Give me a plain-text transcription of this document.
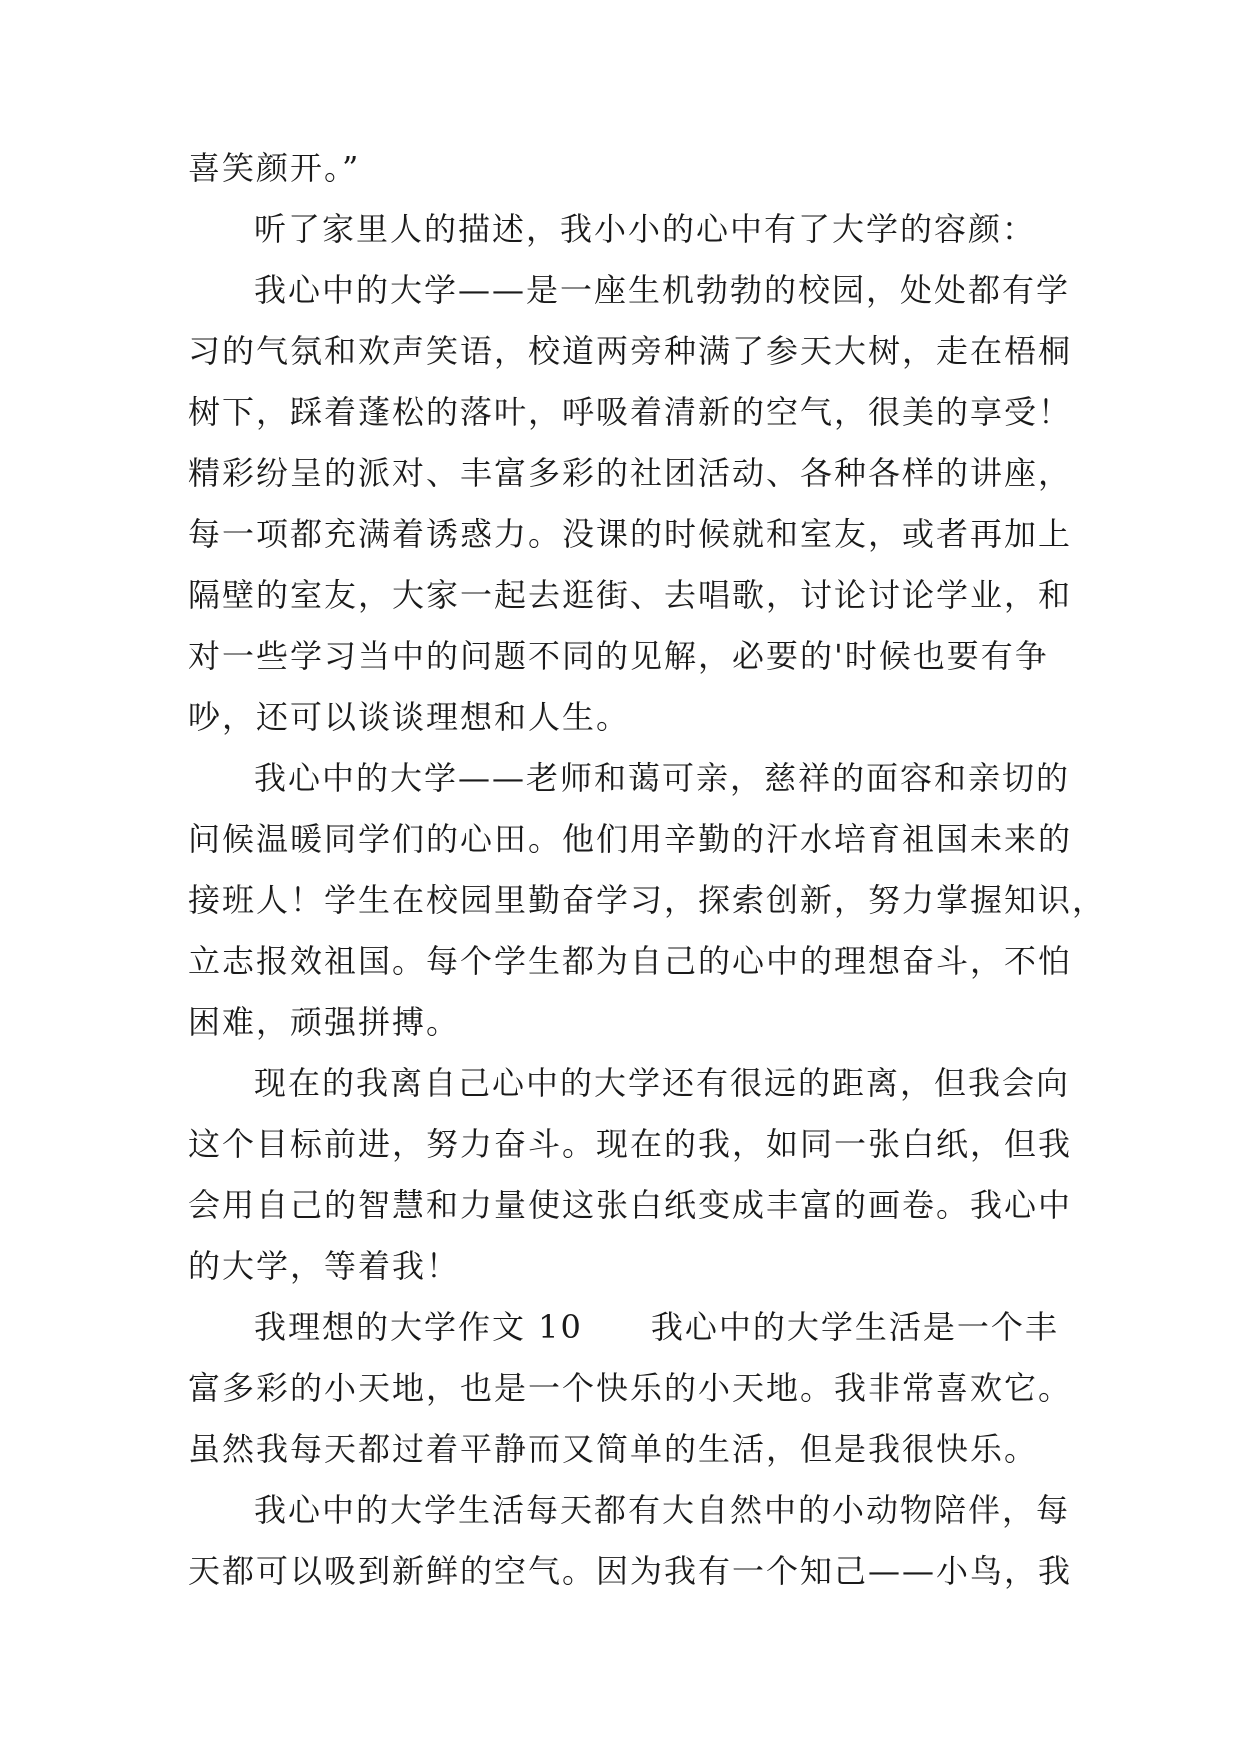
喜笑颜开。”
听了家里人的描述，我小小的心中有了大学的容颜：
我心中的大学——是一座生机勃勃的校园，处处都有学
习的气氛和欢声笑语，校道两旁种满了参天大树，走在梧桐
树下，踩着蓬松的落叶，呼吸着清新的空气，很美的享受！
精彩纷呈的派对、丰富多彩的社团活动、各种各样的讲座，
每一项都充满着诱惑力。没课的时候就和室友，或者再加上
隔壁的室友，大家一起去逛街、去唱歌，讨论讨论学业，和
对一些学习当中的问题不同的见解，必要的'时候也要有争
吵，还可以谈谈理想和人生。
我心中的大学——老师和蔼可亲，慈祥的面容和亲切的
问候温暖同学们的心田。他们用辛勤的汗水培育祖国未来的
接班人！学生在校园里勤奋学习，探索创新，努力掌握知识，
立志报效祖国。每个学生都为自己的心中的理想奋斗，不怕
困难，顽强拼搏。
现在的我离自己心中的大学还有很远的距离，但我会向
这个目标前进，努力奋斗。现在的我，如同一张白纸，但我
会用自己的智慧和力量使这张白纸变成丰富的画卷。我心中
的大学，等着我！
我理想的大学作文 10　　我心中的大学生活是一个丰
富多彩的小天地，也是一个快乐的小天地。我非常喜欢它。
虽然我每天都过着平静而又简单的生活，但是我很快乐。
我心中的大学生活每天都有大自然中的小动物陪伴，每
天都可以吸到新鲜的空气。因为我有一个知己——小鸟，我
